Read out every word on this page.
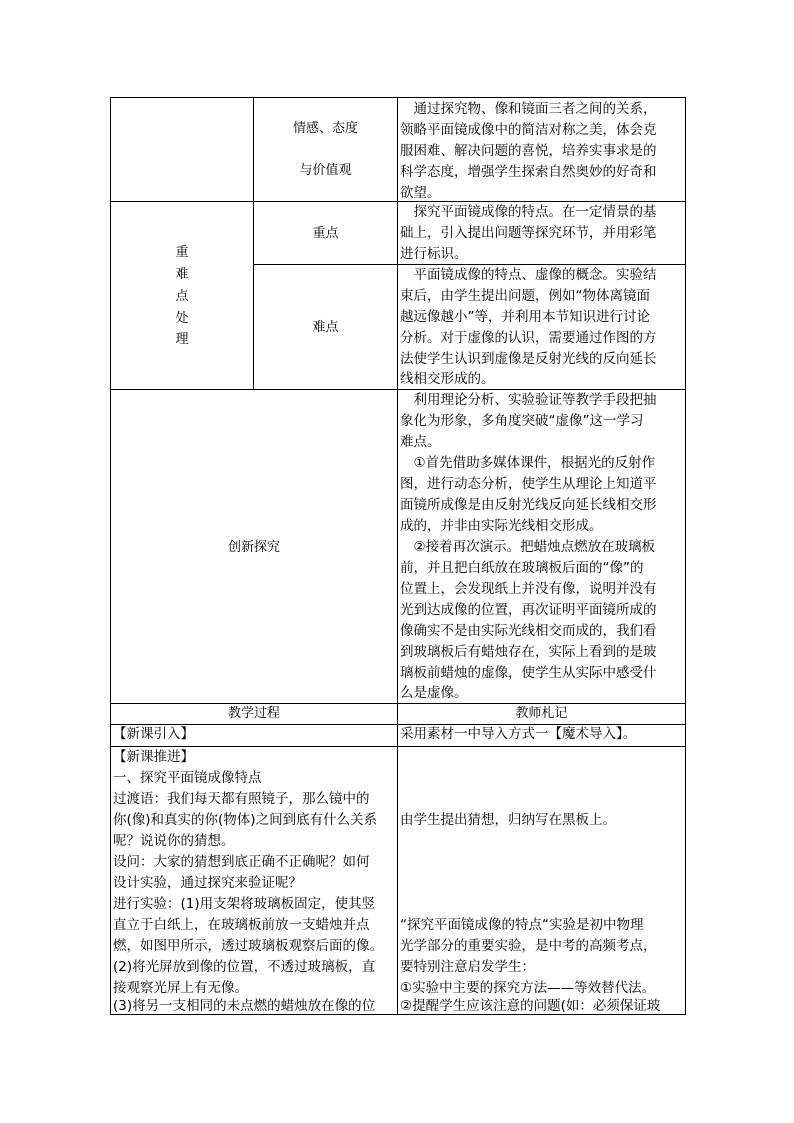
情感、态度
与价值观
　通过探究物、像和镜面三者之间的关系，
领略平面镜成像中的简洁对称之美，体会克
服困难、解决问题的喜悦，培养实事求是的
科学态度，增强学生探索自然奥妙的好奇和
欲望。
重
难
点
处
理
重点
　探究平面镜成像的特点。在一定情景的基
础上，引入提出问题等探究环节，并用彩笔
进行标识。
难点
　平面镜成像的特点、虚像的概念。实验结
束后，由学生提出问题，例如“物体离镜面
越远像越小”等，并利用本节知识进行讨论
分析。对于虚像的认识，需要通过作图的方
法使学生认识到虚像是反射光线的反向延长
线相交形成的。
创新探究
　利用理论分析、实验验证等教学手段把抽
象化为形象，多角度突破“虚像”这一学习
难点。
　①首先借助多媒体课件，根据光的反射作
图，进行动态分析，使学生从理论上知道平
面镜所成像是由反射光线反向延长线相交形
成的，并非由实际光线相交形成。
　②接着再次演示。把蜡烛点燃放在玻璃板
前，并且把白纸放在玻璃板后面的“像”的
位置上，会发现纸上并没有像，说明并没有
光到达成像的位置，再次证明平面镜所成的
像确实不是由实际光线相交而成的，我们看
到玻璃板后有蜡烛存在，实际上看到的是玻
璃板前蜡烛的虚像，使学生从实际中感受什
么是虚像。
教学过程	教师札记
【新课引入】	采用素材一中导入方式一【魔术导入】。
【新课推进】
一、探究平面镜成像特点
过渡语：我们每天都有照镜子，那么镜中的
你(像)和真实的你(物体)之间到底有什么关系
呢？说说你的猜想。
设问：大家的猜想到底正确不正确呢？如何
设计实验，通过探究来验证呢？
进行实验：(1)用支架将玻璃板固定，使其竖
直立于白纸上，在玻璃板前放一支蜡烛并点
燃，如图甲所示，透过玻璃板观察后面的像。
(2)将光屏放到像的位置，不透过玻璃板，直
接观察光屏上有无像。
(3)将另一支相同的未点燃的蜡烛放在像的位
由学生提出猜想，归纳写在黑板上。
“探究平面镜成像的特点“实验是初中物理
光学部分的重要实验，是中考的高频考点，
要特别注意启发学生：
①实验中主要的探究方法——等效替代法。
②提醒学生应该注意的问题(如：必须保证玻
